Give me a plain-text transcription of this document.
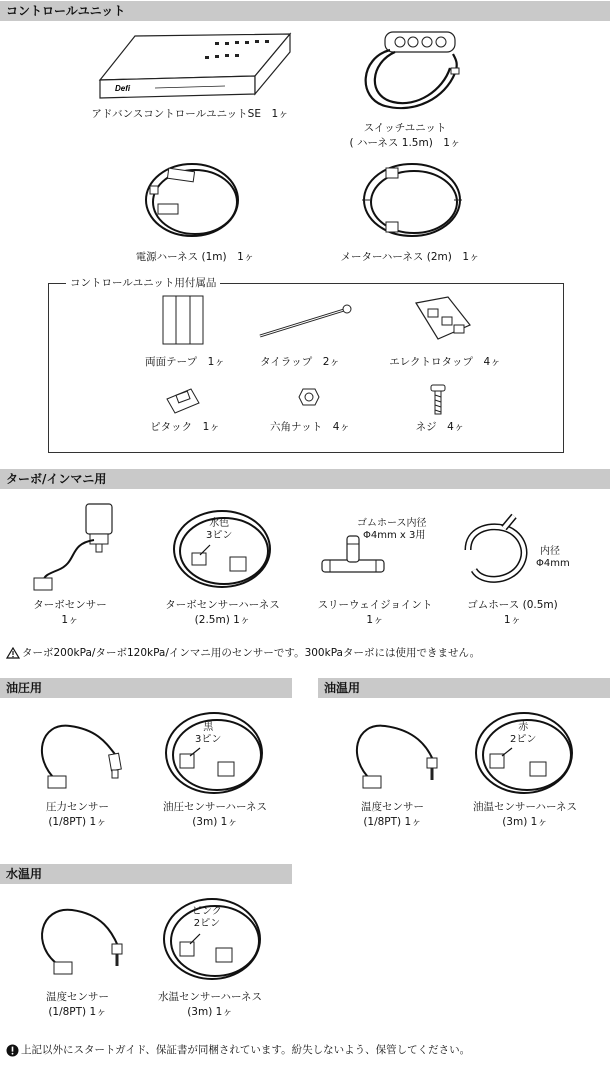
コントロールユニット
ターボ/インマニ用
油圧用	油温用
水温用
Defi
アドバンスコントロールユニットSE　1ヶ
スイッチユニット
( ハーネス 1.5m)　1ヶ
電源ハーネス (1m)　1ヶ	メーターハーネス (2m)　1ヶ
コントロールユニット用付属品
両面テープ　1ヶ	タイラップ　2ヶ	エレクトロタップ　4ヶ
ピタック　1ヶ	六角ナット　4ヶ	ネジ　4ヶ
ターボセンサー
1ヶ
水色
3ピン
ターボセンサーハーネス
(2.5m) 1ヶ
ゴムホース内径
Φ4mm x 3用
スリーウェイジョイント
1ヶ
内径
Φ4mm
ゴムホース (0.5m)
1ヶ
ターボ200kPa/ターボ120kPa/インマニ用のセンサーです。300kPaターボには使用できません。
圧力センサー
(1/8PT) 1ヶ
黒
3ピン
油圧センサーハーネス
(3m) 1ヶ
温度センサー
(1/8PT) 1ヶ
赤
2ピン
油温センサーハーネス
(3m) 1ヶ
温度センサー
(1/8PT) 1ヶ
ピンク
2ピン
水温センサーハーネス
(3m) 1ヶ
上記以外にスタートガイド、保証書が同梱されています。紛失しないよう、保管してください。
